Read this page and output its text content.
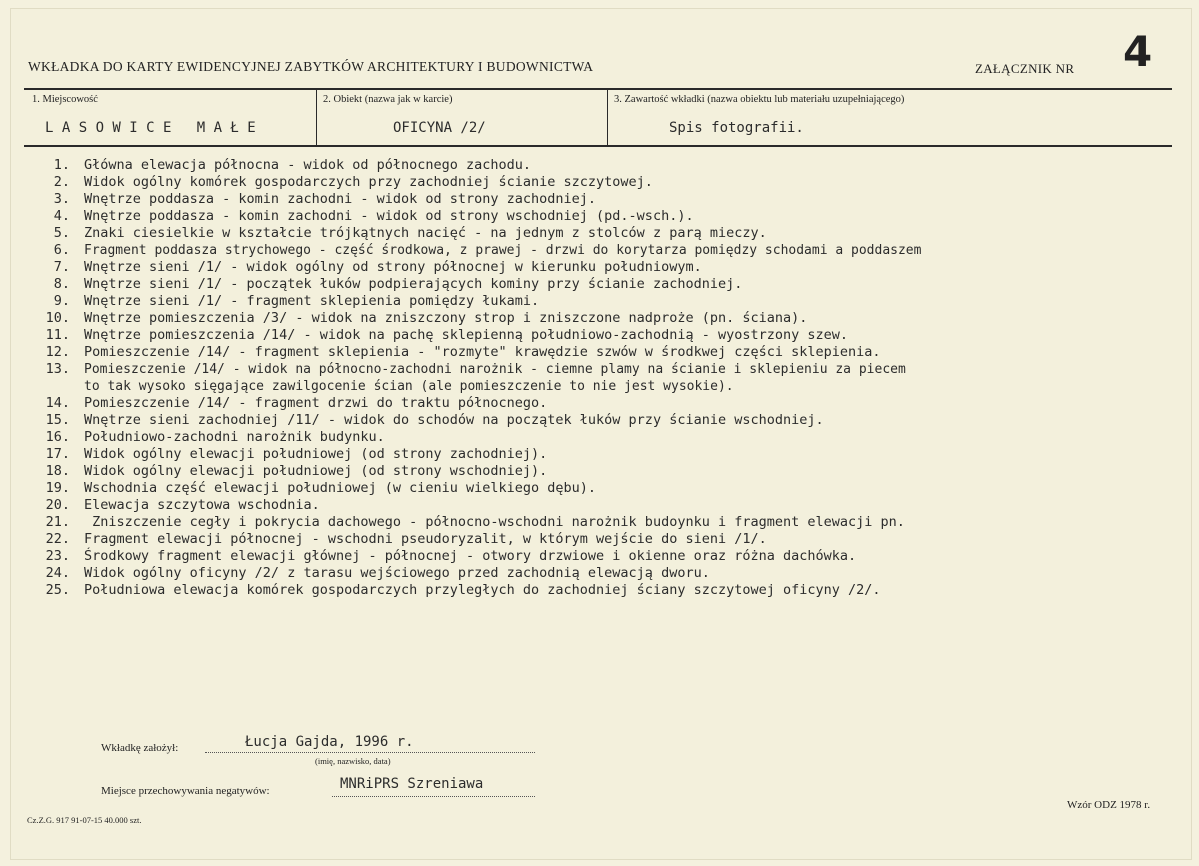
WKŁADKA DO KARTY EWIDENCYJNEJ ZABYTKÓW ARCHITEKTURY I BUDOWNICTWA	ZAŁĄCZNIK NR 4
1. Miejscowość
L A S O W I C E   M A Ł E
2. Obiekt (nazwa jak w karcie)
OFICYNA /2/
3. Zawartość wkładki (nazwa obiektu lub materiału uzupełniającego)
Spis fotografii.
1. Główna elewacja północna - widok od północnego zachodu.
2. Widok ogólny komórek gospodarczych przy zachodniej ścianie szczytowej.
3. Wnętrze poddasza - komin zachodni - widok od strony zachodniej.
4. Wnętrze poddasza - komin zachodni - widok od strony wschodniej (pd.-wsch.).
5. Znaki ciesielkie w kształcie trójkątnych nacięć - na jednym z stolców z parą mieczy.
6. Fragment poddasza strychowego - część środkowa, z prawej - drzwi do korytarza pomiędzy schodami a poddaszem
7. Wnętrze sieni /1/ - widok ogólny od strony północnej w kierunku południowym.
8. Wnętrze sieni /1/ - początek łuków podpierających kominy przy ścianie zachodniej.
9. Wnętrze sieni /1/ - fragment sklepienia pomiędzy łukami.
10. Wnętrze pomieszczenia /3/ - widok na zniszczony strop i zniszczone nadproże (pn. ściana).
11. Wnętrze pomieszczenia /14/ - widok na pachę sklepienną południowo-zachodnią - wyostrzony szew.
12. Pomieszczenie /14/ - fragment sklepienia - "rozmyte" krawędzie szwów w środkwej części sklepienia.
13. Pomieszczenie /14/ - widok na północno-zachodni narożnik - ciemne plamy na ścianie i sklepieniu za piecem
to tak wysoko sięgające zawilgocenie ścian (ale pomieszczenie to nie jest wysokie).
14. Pomieszczenie /14/ - fragment drzwi do traktu północnego.
15. Wnętrze sieni zachodniej /11/ - widok do schodów na początek łuków przy ścianie wschodniej.
16. Południowo-zachodni narożnik budynku.
17. Widok ogólny elewacji południowej (od strony zachodniej).
18. Widok ogólny elewacji południowej (od strony wschodniej).
19. Wschodnia część elewacji południowej (w cieniu wielkiego dębu).
20. Elewacja szczytowa wschodnia.
21. Zniszczenie cegły i pokrycia dachowego - północno-wschodni narożnik budoynku i fragment elewacji pn.
22. Fragment elewacji północnej - wschodni pseudoryzalit, w którym wejście do sieni /1/.
23. Środkowy fragment elewacji głównej - północnej - otwory drzwiowe i okienne oraz różna dachówka.
24. Widok ogólny oficyny /2/ z tarasu wejściowego przed zachodnią elewacją dworu.
25. Południowa elewacja komórek gospodarczych przyległych do zachodniej ściany szczytowej oficyny /2/.
Wkładkę założył:	Łucja Gajda, 1996 r.
(imię, nazwisko, data)
Miejsce przechowywania negatywów:	MNRiPRS Szreniawa
Wzór ODZ 1978 r.
Cz.Z.G. 917 91-07-15 40.000 szt.
